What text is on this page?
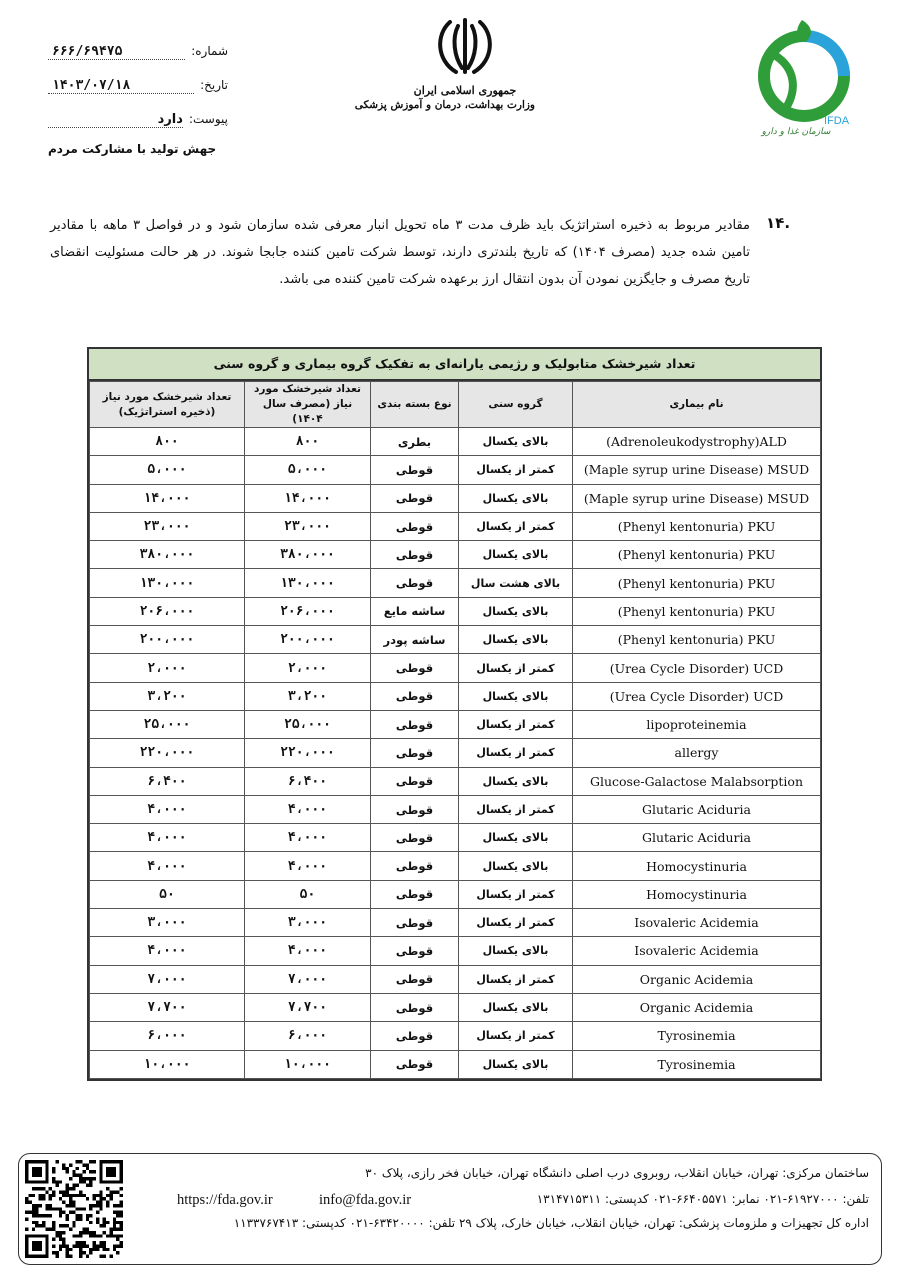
شماره:
۶۶۶/۶۹۴۷۵
تاریخ:
۱۴۰۳/۰۷/۱۸
پیوست:
دارد
جهش تولید با مشارکت مردم
جمهوری اسلامی ایران
وزارت بهداشت، درمان و آموزش پزشکی
IFDA
سازمان غذا و دارو
.۱۴
مقادیر مربوط به ذخیره استراتژیک باید ظرف مدت ۳ ماه تحویل انبار معرفی شده سازمان شود و در فواصل ۳ ماهه با مقادیر تامین شده جدید (مصرف ۱۴۰۴) که تاریخ بلندتری دارند، توسط شرکت تامین کننده جابجا شوند. در هر حالت مسئولیت انقضای تاریخ مصرف و جایگزین نمودن آن بدون انتقال ارز برعهده شرکت تامین کننده می باشد.
تعداد شیرخشک متابولیک و رژیمی یارانه‌ای به تفکیک گروه بیماری و گروه سنی
نام بیماری	گروه سنی	نوع بسته بندی	تعداد شیرخشک مورد نیاز (مصرف سال ۱۴۰۴)	تعداد شیرخشک مورد نیاز (ذخیره استراتژیک)
(Adrenoleukodystrophy)ALD	بالای یکسال	بطری	۸۰۰	۸۰۰
(Maple syrup urine Disease) MSUD	کمتر از یکسال	قوطی	۵،۰۰۰	۵،۰۰۰
(Maple syrup urine Disease) MSUD	بالای یکسال	قوطی	۱۴،۰۰۰	۱۴،۰۰۰
(Phenyl kentonuria) PKU	کمتر از یکسال	قوطی	۲۳،۰۰۰	۲۳،۰۰۰
(Phenyl kentonuria) PKU	بالای یکسال	قوطی	۳۸۰،۰۰۰	۳۸۰،۰۰۰
(Phenyl kentonuria) PKU	بالای هشت سال	قوطی	۱۳۰،۰۰۰	۱۳۰،۰۰۰
(Phenyl kentonuria) PKU	بالای یکسال	ساشه مایع	۲۰۶،۰۰۰	۲۰۶،۰۰۰
(Phenyl kentonuria) PKU	بالای یکسال	ساشه پودر	۲۰۰،۰۰۰	۲۰۰،۰۰۰
(Urea Cycle Disorder) UCD	کمتر از یکسال	قوطی	۲،۰۰۰	۲،۰۰۰
(Urea Cycle Disorder) UCD	بالای یکسال	قوطی	۳،۲۰۰	۳،۲۰۰
lipoproteinemia	کمتر از یکسال	قوطی	۲۵،۰۰۰	۲۵،۰۰۰
allergy	کمتر از یکسال	قوطی	۲۲۰،۰۰۰	۲۲۰،۰۰۰
Glucose-Galactose Malabsorption	بالای یکسال	قوطی	۶،۴۰۰	۶،۴۰۰
Glutaric Aciduria	کمتر از یکسال	قوطی	۴،۰۰۰	۴،۰۰۰
Glutaric Aciduria	بالای یکسال	قوطی	۴،۰۰۰	۴،۰۰۰
Homocystinuria	بالای یکسال	قوطی	۴،۰۰۰	۴،۰۰۰
Homocystinuria	کمتر از یکسال	قوطی	۵۰	۵۰
Isovaleric Acidemia	کمتر از یکسال	قوطی	۳،۰۰۰	۳،۰۰۰
Isovaleric Acidemia	بالای یکسال	قوطی	۴،۰۰۰	۴،۰۰۰
Organic Acidemia	کمتر از یکسال	قوطی	۷،۰۰۰	۷،۰۰۰
Organic Acidemia	بالای یکسال	قوطی	۷،۷۰۰	۷،۷۰۰
Tyrosinemia	کمتر از یکسال	قوطی	۶،۰۰۰	۶،۰۰۰
Tyrosinemia	بالای یکسال	قوطی	۱۰،۰۰۰	۱۰،۰۰۰
ساختمان مرکزی: تهران، خیابان انقلاب، روبروی درب اصلی دانشگاه تهران، خیابان فخر رازی، پلاک ۳۰
تلفن: ۶۱۹۲۷۰۰۰-۰۲۱ نمابر: ۶۶۴۰۵۵۷۱-۰۲۱ کدپستی: ۱۳۱۴۷۱۵۳۱۱
info@fda.gov.ir
https://fda.gov.ir
اداره کل تجهیزات و ملزومات پزشکی: تهران، خیابان انقلاب، خیابان خارک، پلاک ۲۹ تلفن: ۶۳۴۲۰۰۰۰-۰۲۱ کدپستی: ۱۱۳۳۷۶۷۴۱۳
